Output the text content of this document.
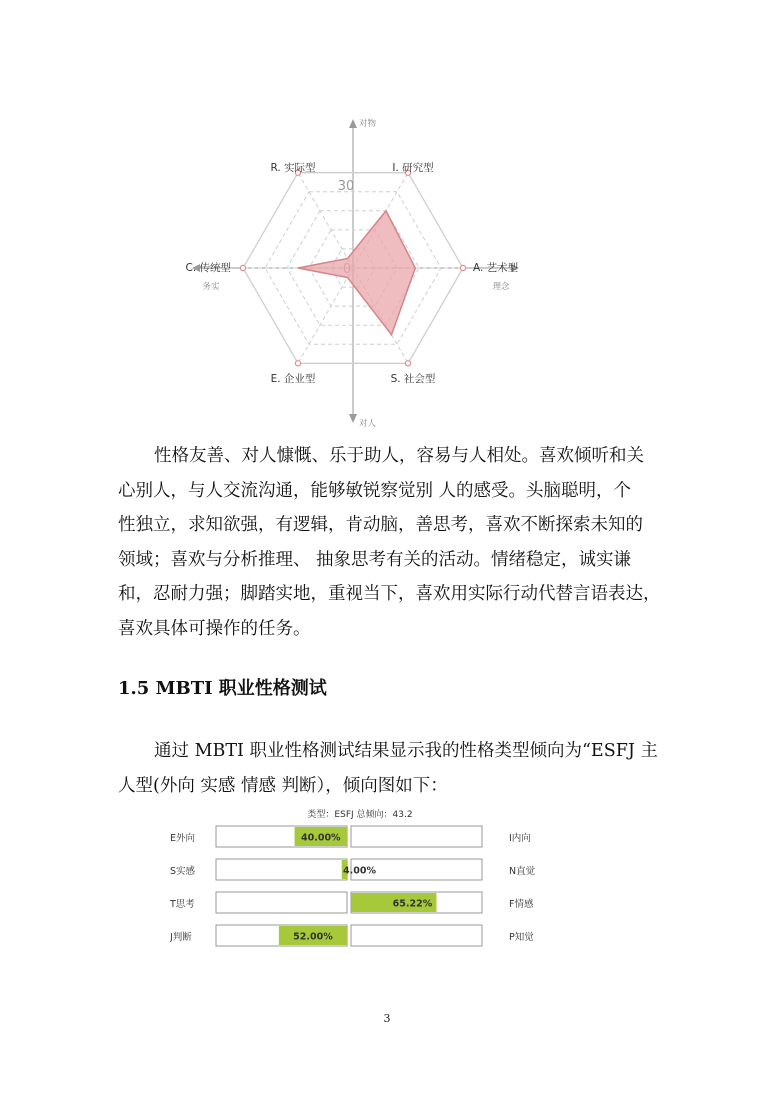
30
R. 实际型	I. 研究型
A. 艺术型
S. 社会型
E. 企业型
C. 传统型
对物
对人
务实	理念
性格友善、对人慷慨、乐于助人，容易与人相处。喜欢倾听和关
心别人，与人交流沟通，能够敏锐察觉别 人的感受。头脑聪明，个
性独立，求知欲强，有逻辑，肯动脑，善思考，喜欢不断探索未知的
领域；喜欢与分析推理、 抽象思考有关的活动。情绪稳定，诚实谦
和，忍耐力强；脚踏实地，重视当下，喜欢用实际行动代替言语表达，
喜欢具体可操作的任务。
1.5 MBTI 职业性格测试
通过 MBTI 职业性格测试结果显示我的性格类型倾向为“ESFJ 主
人型(外向 实感 情感 判断），倾向图如下：
类型：ESFJ 总倾向：43.2
E外向	I内向
40.00%
S实感	N直觉
4.00%
T思考	F情感
65.22%
J判断	P知觉
52.00%
3
